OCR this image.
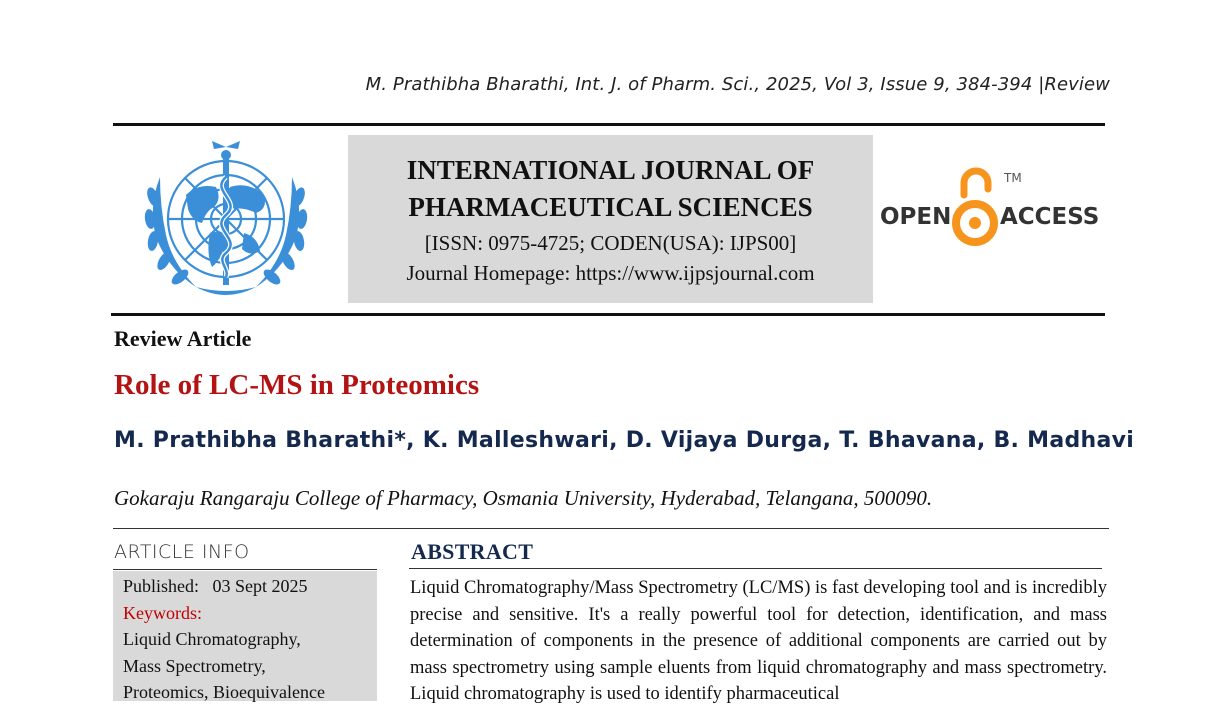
M. Prathibha Bharathi, Int. J. of Pharm. Sci., 2025, Vol 3, Issue 9, 384-394 |Review
INTERNATIONAL JOURNAL OF
PHARMACEUTICAL SCIENCES
[ISSN: 0975-4725; CODEN(USA): IJPS00]
Journal Homepage: https://www.ijpsjournal.com
OPEN
TM
ACCESS
Review Article
Role of LC-MS in Proteomics
M. Prathibha Bharathi*, K. Malleshwari, D. Vijaya Durga, T. Bhavana, B. Madhavi
Gokaraju Rangaraju College of Pharmacy, Osmania University, Hyderabad, Telangana, 500090.
ARTICLE INFO
Published: 03 Sept 2025
Keywords:
Liquid Chromatography,
Mass Spectrometry,
Proteomics, Bioequivalence
ABSTRACT
Liquid Chromatography/Mass Spectrometry (LC/MS) is fast developing tool and is incredibly precise and sensitive. It's a really powerful tool for detection, identification, and mass determination of components in the presence of additional components are carried out by mass spectrometry using sample eluents from liquid chromatography and mass spectrometry. Liquid chromatography is used to identify pharmaceutical
